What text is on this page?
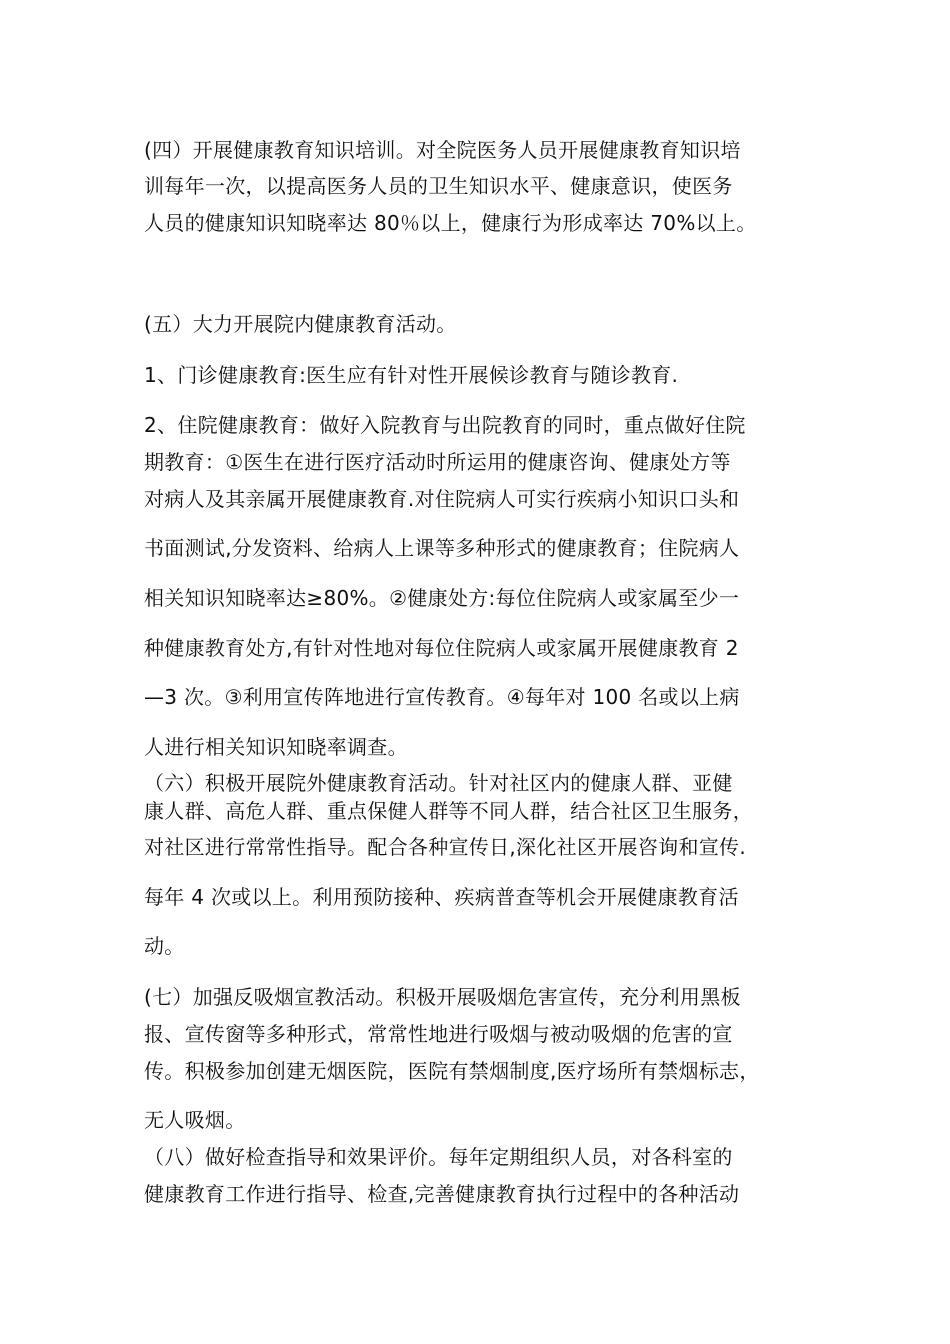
(四）开展健康教育知识培训。对全院医务人员开展健康教育知识培
训每年一次，以提高医务人员的卫生知识水平、健康意识，使医务
人员的健康知识知晓率达 80％以上，健康行为形成率达 70%以上。
(五）大力开展院内健康教育活动。
1、门诊健康教育:医生应有针对性开展候诊教育与随诊教育.
2、住院健康教育：做好入院教育与出院教育的同时，重点做好住院
期教育：①医生在进行医疗活动时所运用的健康咨询、健康处方等
对病人及其亲属开展健康教育.对住院病人可实行疾病小知识口头和
书面测试,分发资料、给病人上课等多种形式的健康教育；住院病人
相关知识知晓率达≥80%。②健康处方:每位住院病人或家属至少一
种健康教育处方,有针对性地对每位住院病人或家属开展健康教育 2
—3 次。③利用宣传阵地进行宣传教育。④每年对 100 名或以上病
人进行相关知识知晓率调查。
（六）积极开展院外健康教育活动。针对社区内的健康人群、亚健
康人群、高危人群、重点保健人群等不同人群，结合社区卫生服务，
对社区进行常常性指导。配合各种宣传日,深化社区开展咨询和宣传.
每年 4 次或以上。利用预防接种、疾病普查等机会开展健康教育活
动。
(七）加强反吸烟宣教活动。积极开展吸烟危害宣传，充分利用黑板
报、宣传窗等多种形式，常常性地进行吸烟与被动吸烟的危害的宣
传。积极参加创建无烟医院，医院有禁烟制度,医疗场所有禁烟标志，
无人吸烟。
（八）做好检查指导和效果评价。每年定期组织人员，对各科室的
健康教育工作进行指导、检查,完善健康教育执行过程中的各种活动
